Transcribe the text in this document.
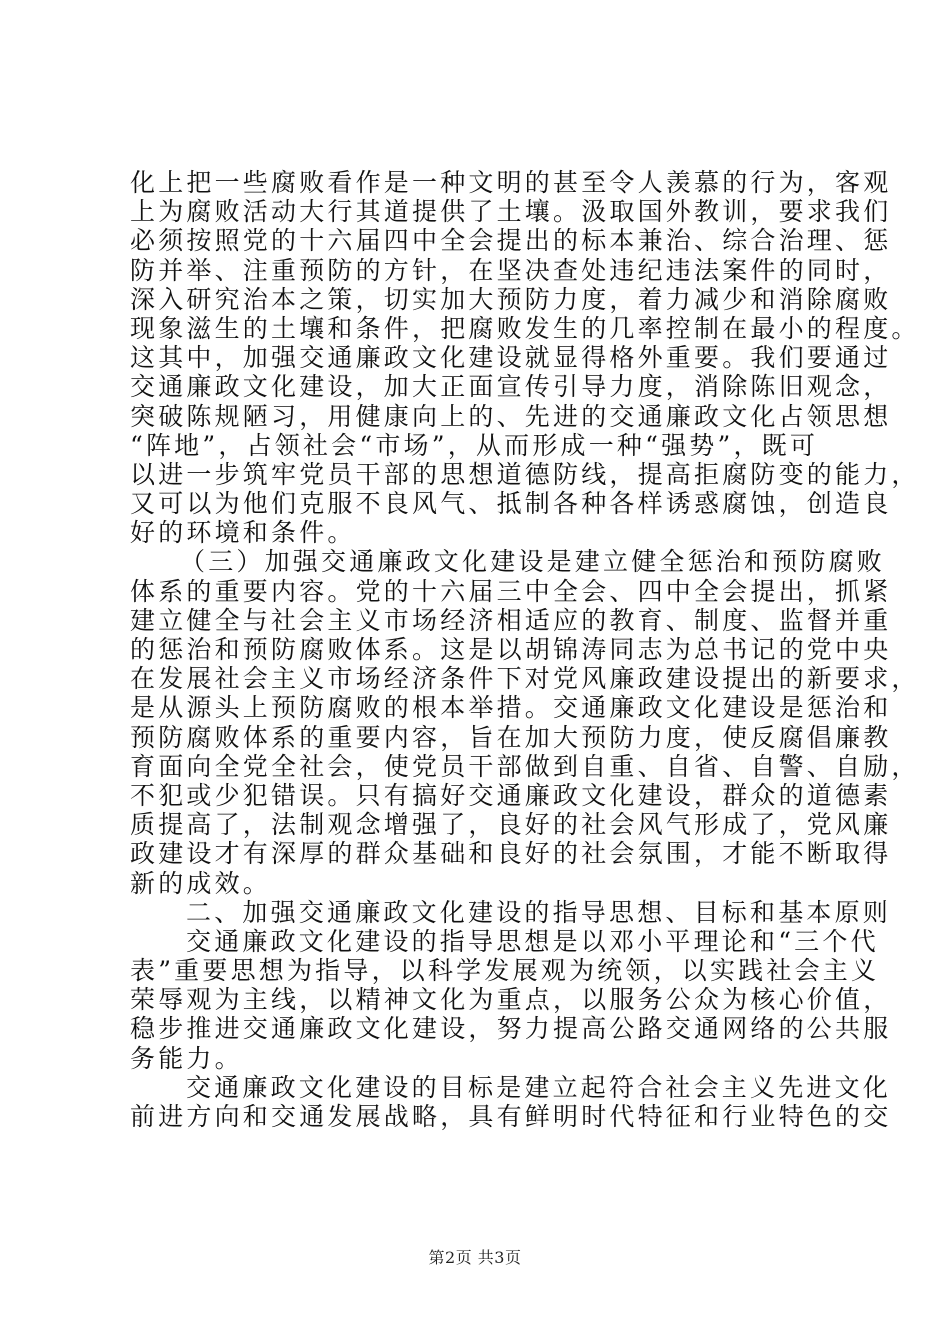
化上把一些腐败看作是一种文明的甚至令人羡慕的行为，客观
上为腐败活动大行其道提供了土壤。汲取国外教训，要求我们
必须按照党的十六届四中全会提出的标本兼治、综合治理、惩
防并举、注重预防的方针，在坚决查处违纪违法案件的同时，
深入研究治本之策，切实加大预防力度，着力减少和消除腐败
现象滋生的土壤和条件，把腐败发生的几率控制在最小的程度。
这其中，加强交通廉政文化建设就显得格外重要。我们要通过
交通廉政文化建设，加大正面宣传引导力度，消除陈旧观念，
突破陈规陋习，用健康向上的、先进的交通廉政文化占领思想
“阵地”，占领社会“市场”，从而形成一种“强势”，既可
以进一步筑牢党员干部的思想道德防线，提高拒腐防变的能力，
又可以为他们克服不良风气、抵制各种各样诱惑腐蚀，创造良
好的环境和条件。
（三）加强交通廉政文化建设是建立健全惩治和预防腐败
体系的重要内容。党的十六届三中全会、四中全会提出，抓紧
建立健全与社会主义市场经济相适应的教育、制度、监督并重
的惩治和预防腐败体系。这是以胡锦涛同志为总书记的党中央
在发展社会主义市场经济条件下对党风廉政建设提出的新要求，
是从源头上预防腐败的根本举措。交通廉政文化建设是惩治和
预防腐败体系的重要内容，旨在加大预防力度，使反腐倡廉教
育面向全党全社会，使党员干部做到自重、自省、自警、自励，
不犯或少犯错误。只有搞好交通廉政文化建设，群众的道德素
质提高了，法制观念增强了，良好的社会风气形成了，党风廉
政建设才有深厚的群众基础和良好的社会氛围，才能不断取得
新的成效。
二、加强交通廉政文化建设的指导思想、目标和基本原则
交通廉政文化建设的指导思想是以邓小平理论和“三个代
表”重要思想为指导，以科学发展观为统领，以实践社会主义
荣辱观为主线，以精神文化为重点，以服务公众为核心价值，
稳步推进交通廉政文化建设，努力提高公路交通网络的公共服
务能力。
交通廉政文化建设的目标是建立起符合社会主义先进文化
前进方向和交通发展战略，具有鲜明时代特征和行业特色的交
第2页 共3页
